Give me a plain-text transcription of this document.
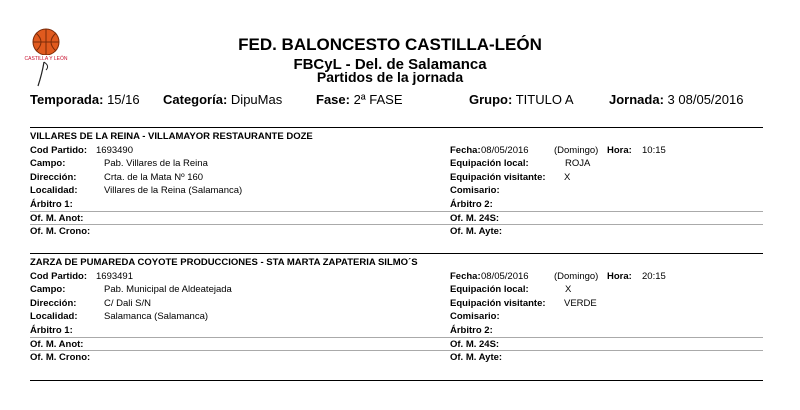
CASTILLA Y LEÓN
FED. BALONCESTO CASTILLA-LEÓN
FBCyL - Del. de Salamanca
Partidos de la jornada
Temporada: 15/16 Categoría: DipuMas	Fase: 2ª FASE	Grupo: TITULO A	Jornada: 3 08/05/2016
VILLARES DE LA REINA - VILLAMAYOR RESTAURANTE DOZE
Cod Partido: 1693490	Fecha: 08/05/2016	(Domingo) Hora: 10:15
Campo:	Pab. Villares de la Reina	Equipación local:	ROJA
Dirección:	Crta. de la Mata Nº 160	Equipación visitante: X
Localidad:	Villares de la Reina (Salamanca)	Comisario:
Árbitro 1:	Árbitro 2:
Of. M. Anot:	Of. M. 24S:
Of. M. Crono:	Of. M. Ayte:
ZARZA DE PUMAREDA COYOTE PRODUCCIONES - STA MARTA ZAPATERIA SILMO´S
Cod Partido: 1693491	Fecha: 08/05/2016	(Domingo) Hora: 20:15
Campo:	Pab. Municipal de Aldeatejada	Equipación local:	X
Dirección:	C/ Dali S/N	Equipación visitante: VERDE
Localidad:	Salamanca (Salamanca)	Comisario:
Árbitro 1:	Árbitro 2:
Of. M. Anot:	Of. M. 24S:
Of. M. Crono:	Of. M. Ayte:
